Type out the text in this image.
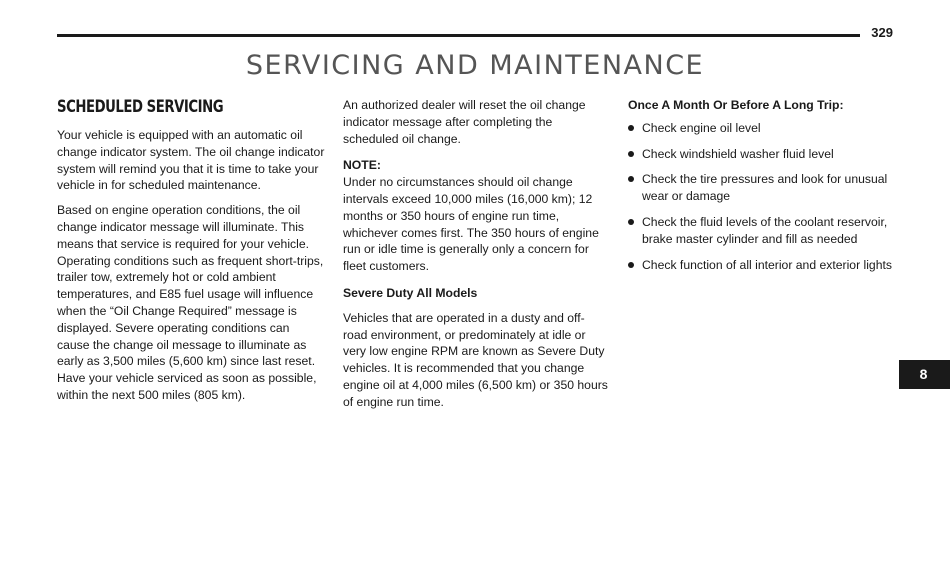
329
SERVICING AND MAINTENANCE
SCHEDULED SERVICING

Your vehicle is equipped with an automatic oil change indicator system. The oil change indicator system will remind you that it is time to take your vehicle in for scheduled maintenance.

Based on engine operation conditions, the oil change indicator message will illuminate. This means that service is required for your vehicle. Operating conditions such as frequent short-trips, trailer tow, extremely hot or cold ambient temperatures, and E85 fuel usage will influence when the “Oil Change Required” message is displayed. Severe operating conditions can cause the change oil message to illuminate as early as 3,500 miles (5,600 km) since last reset. Have your vehicle serviced as soon as possible, within the next 500 miles (805 km).

An authorized dealer will reset the oil change indicator message after completing the scheduled oil change.

NOTE:

Under no circumstances should oil change intervals exceed 10,000 miles (16,000 km); 12 months or 350 hours of engine run time, whichever comes first. The 350 hours of engine run or idle time is generally only a concern for fleet customers.

Severe Duty All Models

Vehicles that are operated in a dusty and off-road environment, or predominately at idle or very low engine RPM are known as Severe Duty vehicles. It is recommended that you change engine oil at 4,000 miles (6,500 km) or 350 hours of engine run time.

Once A Month Or Before A Long Trip:
Check engine oil level
Check windshield washer fluid level
Check the tire pressures and look for unusual wear or damage
Check the fluid levels of the coolant reservoir, brake master cylinder and fill as needed
Check function of all interior and exterior lights
8
